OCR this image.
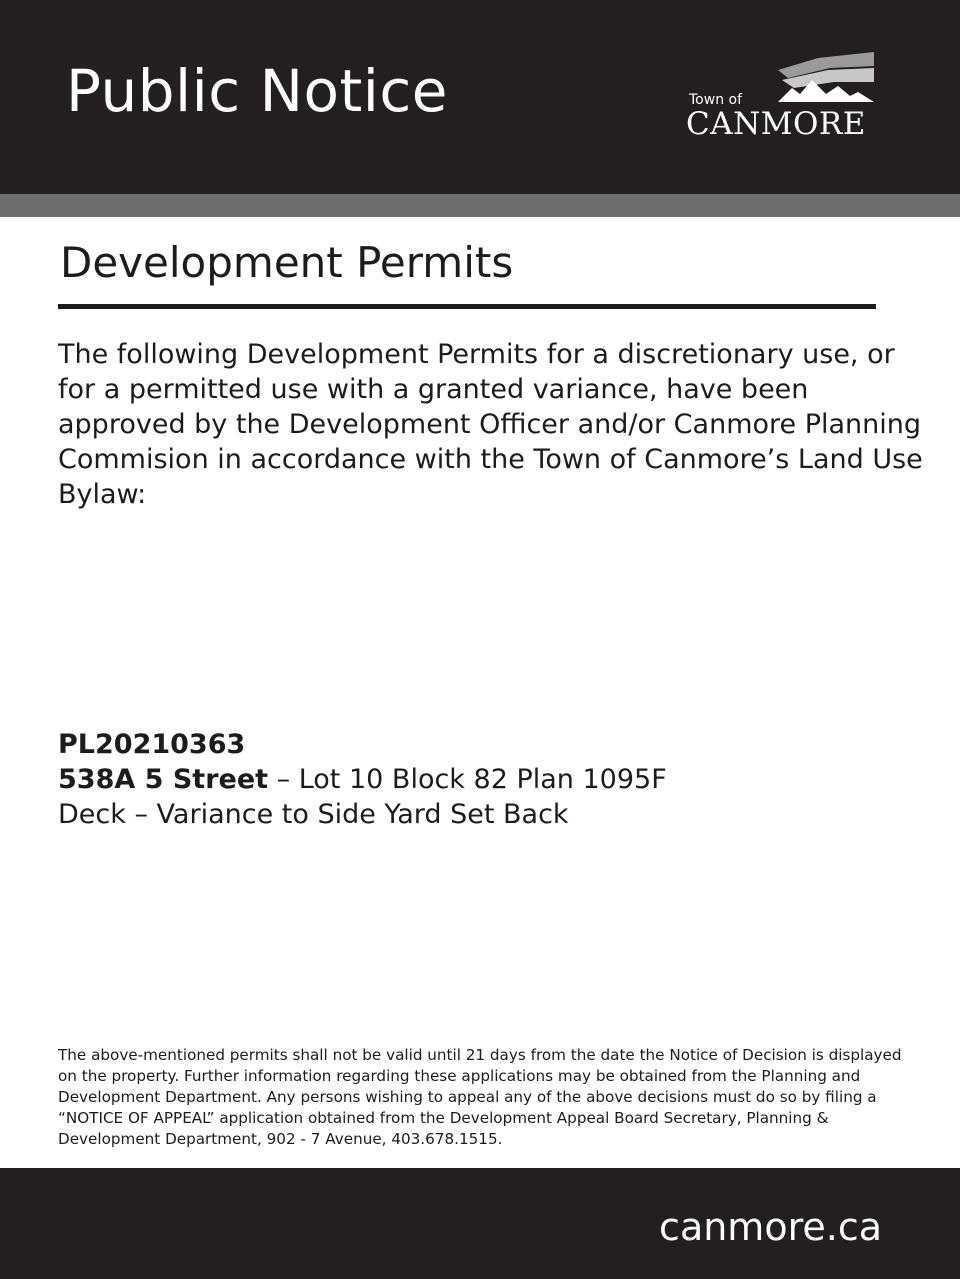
Public Notice	Town of
CANMORE
Development Permits

The following Development Permits for a discretionary use, or for a permitted use with a granted variance, have been approved by the Development Officer and/or Canmore Planning Commision in accordance with the Town of Canmore’s Land Use Bylaw:

PL20210363
538A 5 Street – Lot 10 Block 82 Plan 1095F
Deck – Variance to Side Yard Set Back

The above-mentioned permits shall not be valid until 21 days from the date the Notice of Decision is displayed on the property. Further information regarding these applications may be obtained from the Planning and Development Department. Any persons wishing to appeal any of the above decisions must do so by filing a “NOTICE OF APPEAL” application obtained from the Development Appeal Board Secretary, Planning & Development Department, 902 - 7 Avenue, 403.678.1515.

canmore.ca
